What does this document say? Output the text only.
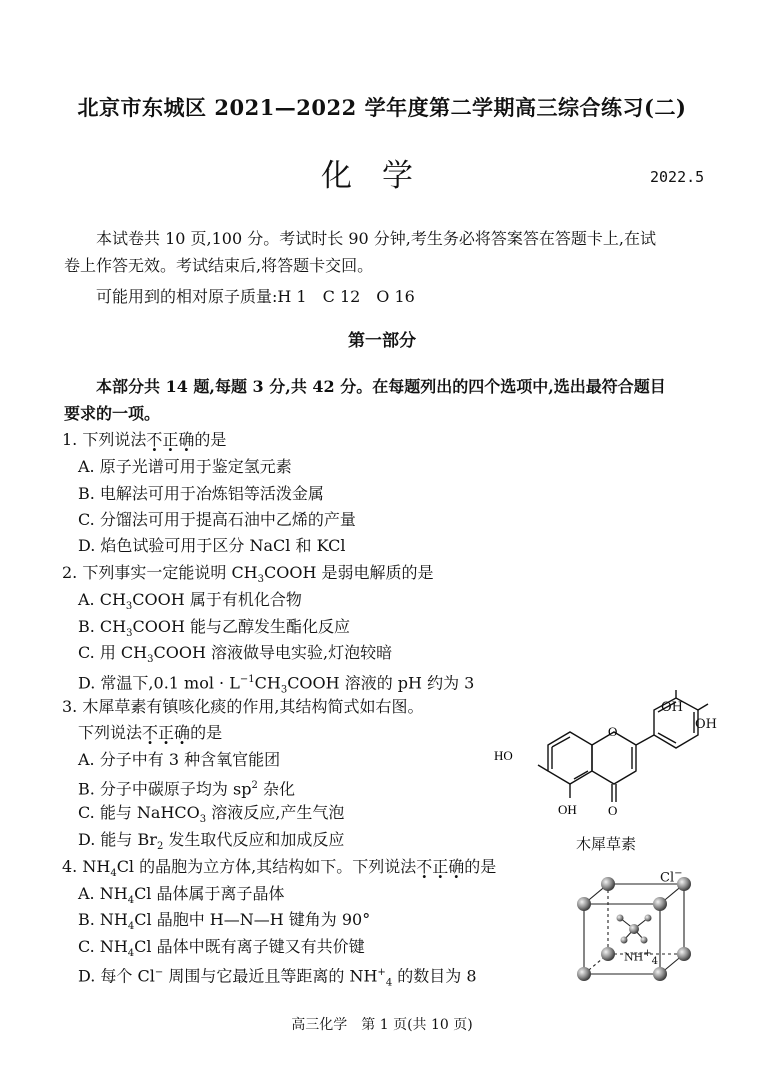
北京市东城区 2021—2022 学年度第二学期高三综合练习(二)
化学	2022.5
本试卷共 10 页,100 分。考试时长 90 分钟,考生务必将答案答在答题卡上,在试
卷上作答无效。考试结束后,将答题卡交回。
可能用到的相对原子质量:H 1　C 12　O 16
第一部分
本部分共 14 题,每题 3 分,共 42 分。在每题列出的四个选项中,选出最符合题目
要求的一项。
1. 下列说法不正确的是
A. 原子光谱可用于鉴定氢元素
B. 电解法可用于冶炼铝等活泼金属
C. 分馏法可用于提高石油中乙烯的产量
D. 焰色试验可用于区分 NaCl 和 KCl
2. 下列事实一定能说明 $CH_3COOH$ 是弱电解质的是
A. $CH_3COOH$ 属于有机化合物
B. $CH_3COOH$ 能与乙醇发生酯化反应
C. 用 $CH_3COOH$ 溶液做导电实验,灯泡较暗
D. 常温下,0.1 mol · $L^{-1}CH_3COOH$ 溶液的 pH 约为 3
3. 木犀草素有镇咳化痰的作用,其结构简式如右图。
下列说法不正确的是
A. 分子中有 3 种含氧官能团
B. 分子中碳原子均为 $sp^2$ 杂化
C. 能与 NaHCO$_3$ 溶液反应,产生气泡
D. 能与 $Br_2$ 发生取代反应和加成反应
HO
O
O
OH
OH
OH
木犀草素
4. $NH_4Cl$ 的晶胞为立方体,其结构如下。下列说法不正确的是
A. $NH_4Cl$ 晶体属于离子晶体
B. $NH_4Cl$ 晶胞中 H—N—H 键角为 90°
C. $NH_4Cl$ 晶体中既有离子键又有共价键
D. 每个 Cl− 周围与它最近且等距离的 $NH^+_4$ 的数目为 8
Cl−
$NH^+_4$
高三化学　第 1 页(共 10 页)
